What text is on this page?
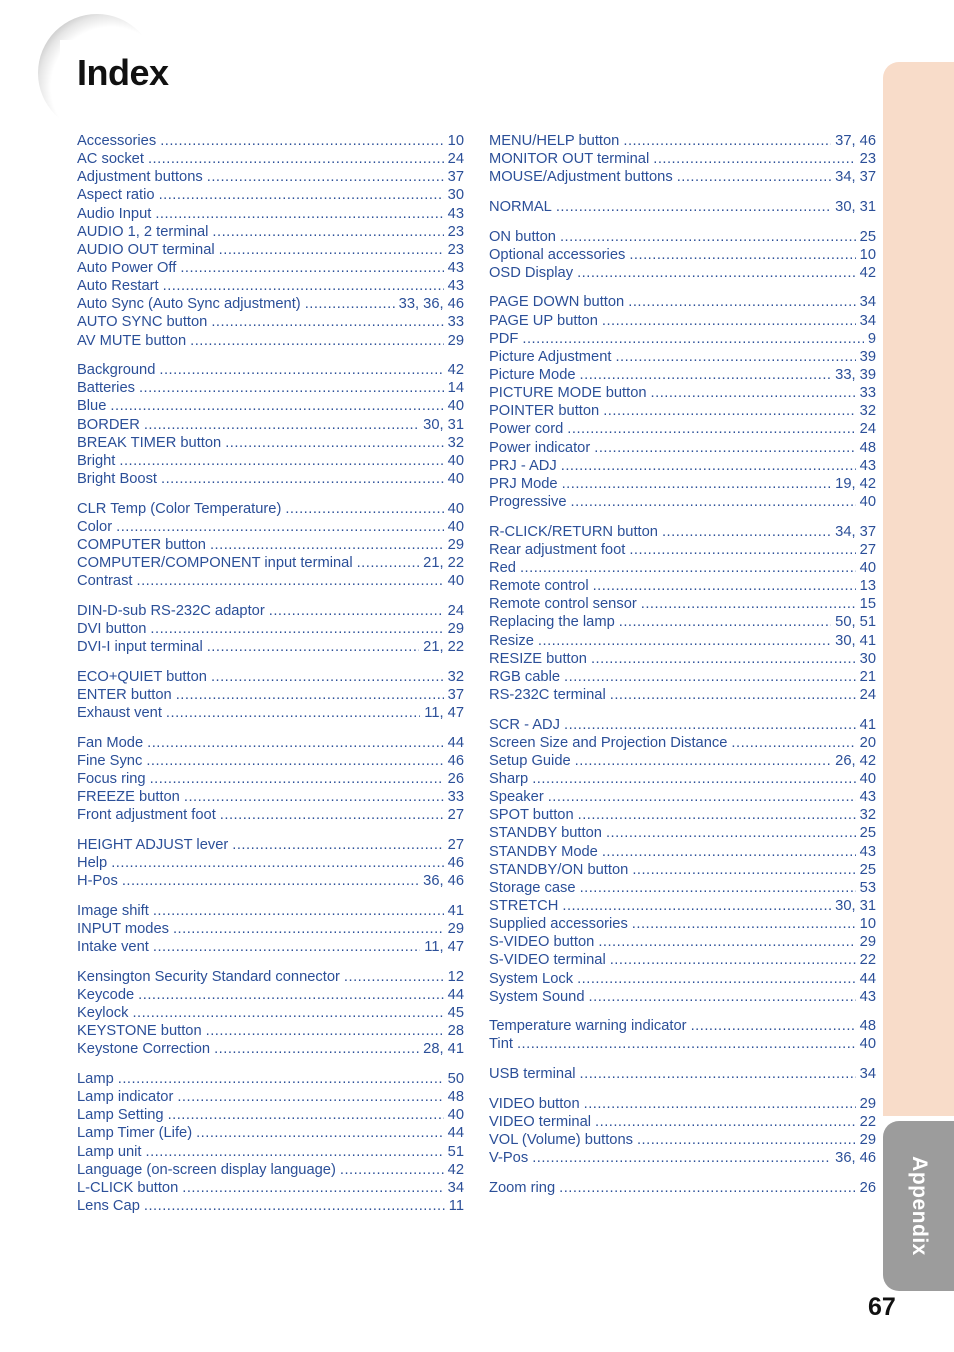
Index
Accessories .....	10
AC socket .....	24
Adjustment buttons .....	37
Aspect ratio .....	30
Audio Input .....	43
AUDIO 1, 2 terminal .....	23
AUDIO OUT terminal .....	23
Auto Power Off .....	43
Auto Restart .....	43
Auto Sync (Auto Sync adjustment) .....	33, 36, 46
AUTO SYNC button .....	33
AV MUTE button .....	29
Background .....	42
Batteries .....	14
Blue .....	40
BORDER .....	30, 31
BREAK TIMER button .....	32
Bright .....	40
Bright Boost .....	40
CLR Temp (Color Temperature) .....	40
Color .....	40
COMPUTER button .....	29
COMPUTER/COMPONENT input terminal .....	21, 22
Contrast .....	40
DIN-D-sub RS-232C adaptor .....	24
DVI button .....	29
DVI-I input terminal .....	21, 22
ECO+QUIET button .....	32
ENTER button .....	37
Exhaust vent .....	11, 47
Fan Mode .....	44
Fine Sync .....	46
Focus ring .....	26
FREEZE button .....	33
Front adjustment foot .....	27
HEIGHT ADJUST lever .....	27
Help .....	46
H-Pos .....	36, 46
Image shift .....	41
INPUT modes .....	29
Intake vent .....	11, 47
Kensington Security Standard connector .....	12
Keycode .....	44
Keylock .....	45
KEYSTONE button .....	28
Keystone Correction .....	28, 41
Lamp .....	50
Lamp indicator .....	48
Lamp Setting .....	40
Lamp Timer (Life) .....	44
Lamp unit .....	51
Language (on-screen display language) .....	42
L-CLICK button .....	34
Lens Cap .....	11
MENU/HELP button .....	37, 46
MONITOR OUT terminal .....	23
MOUSE/Adjustment buttons .....	34, 37
NORMAL .....	30, 31
ON button .....	25
Optional accessories .....	10
OSD Display .....	42
PAGE DOWN button .....	34
PAGE UP button .....	34
PDF .....	9
Picture Adjustment .....	39
Picture Mode .....	33, 39
PICTURE MODE button .....	33
POINTER button .....	32
Power cord .....	24
Power indicator .....	48
PRJ - ADJ .....	43
PRJ Mode .....	19, 42
Progressive .....	40
R-CLICK/RETURN button .....	34, 37
Rear adjustment foot .....	27
Red .....	40
Remote control .....	13
Remote control sensor .....	15
Replacing the lamp .....	50, 51
Resize .....	30, 41
RESIZE button .....	30
RGB cable .....	21
RS-232C terminal .....	24
SCR - ADJ .....	41
Screen Size and Projection Distance .....	20
Setup Guide .....	26, 42
Sharp .....	40
Speaker .....	43
SPOT button .....	32
STANDBY button .....	25
STANDBY Mode .....	43
STANDBY/ON button .....	25
Storage case .....	53
STRETCH .....	30, 31
Supplied accessories .....	10
S-VIDEO button .....	29
S-VIDEO terminal .....	22
System Lock .....	44
System Sound .....	43
Temperature warning indicator .....	48
Tint .....	40
USB terminal .....	34
VIDEO button .....	29
VIDEO terminal .....	22
VOL (Volume) buttons .....	29
V-Pos .....	36, 46
Zoom ring .....	26 Appendix
67
